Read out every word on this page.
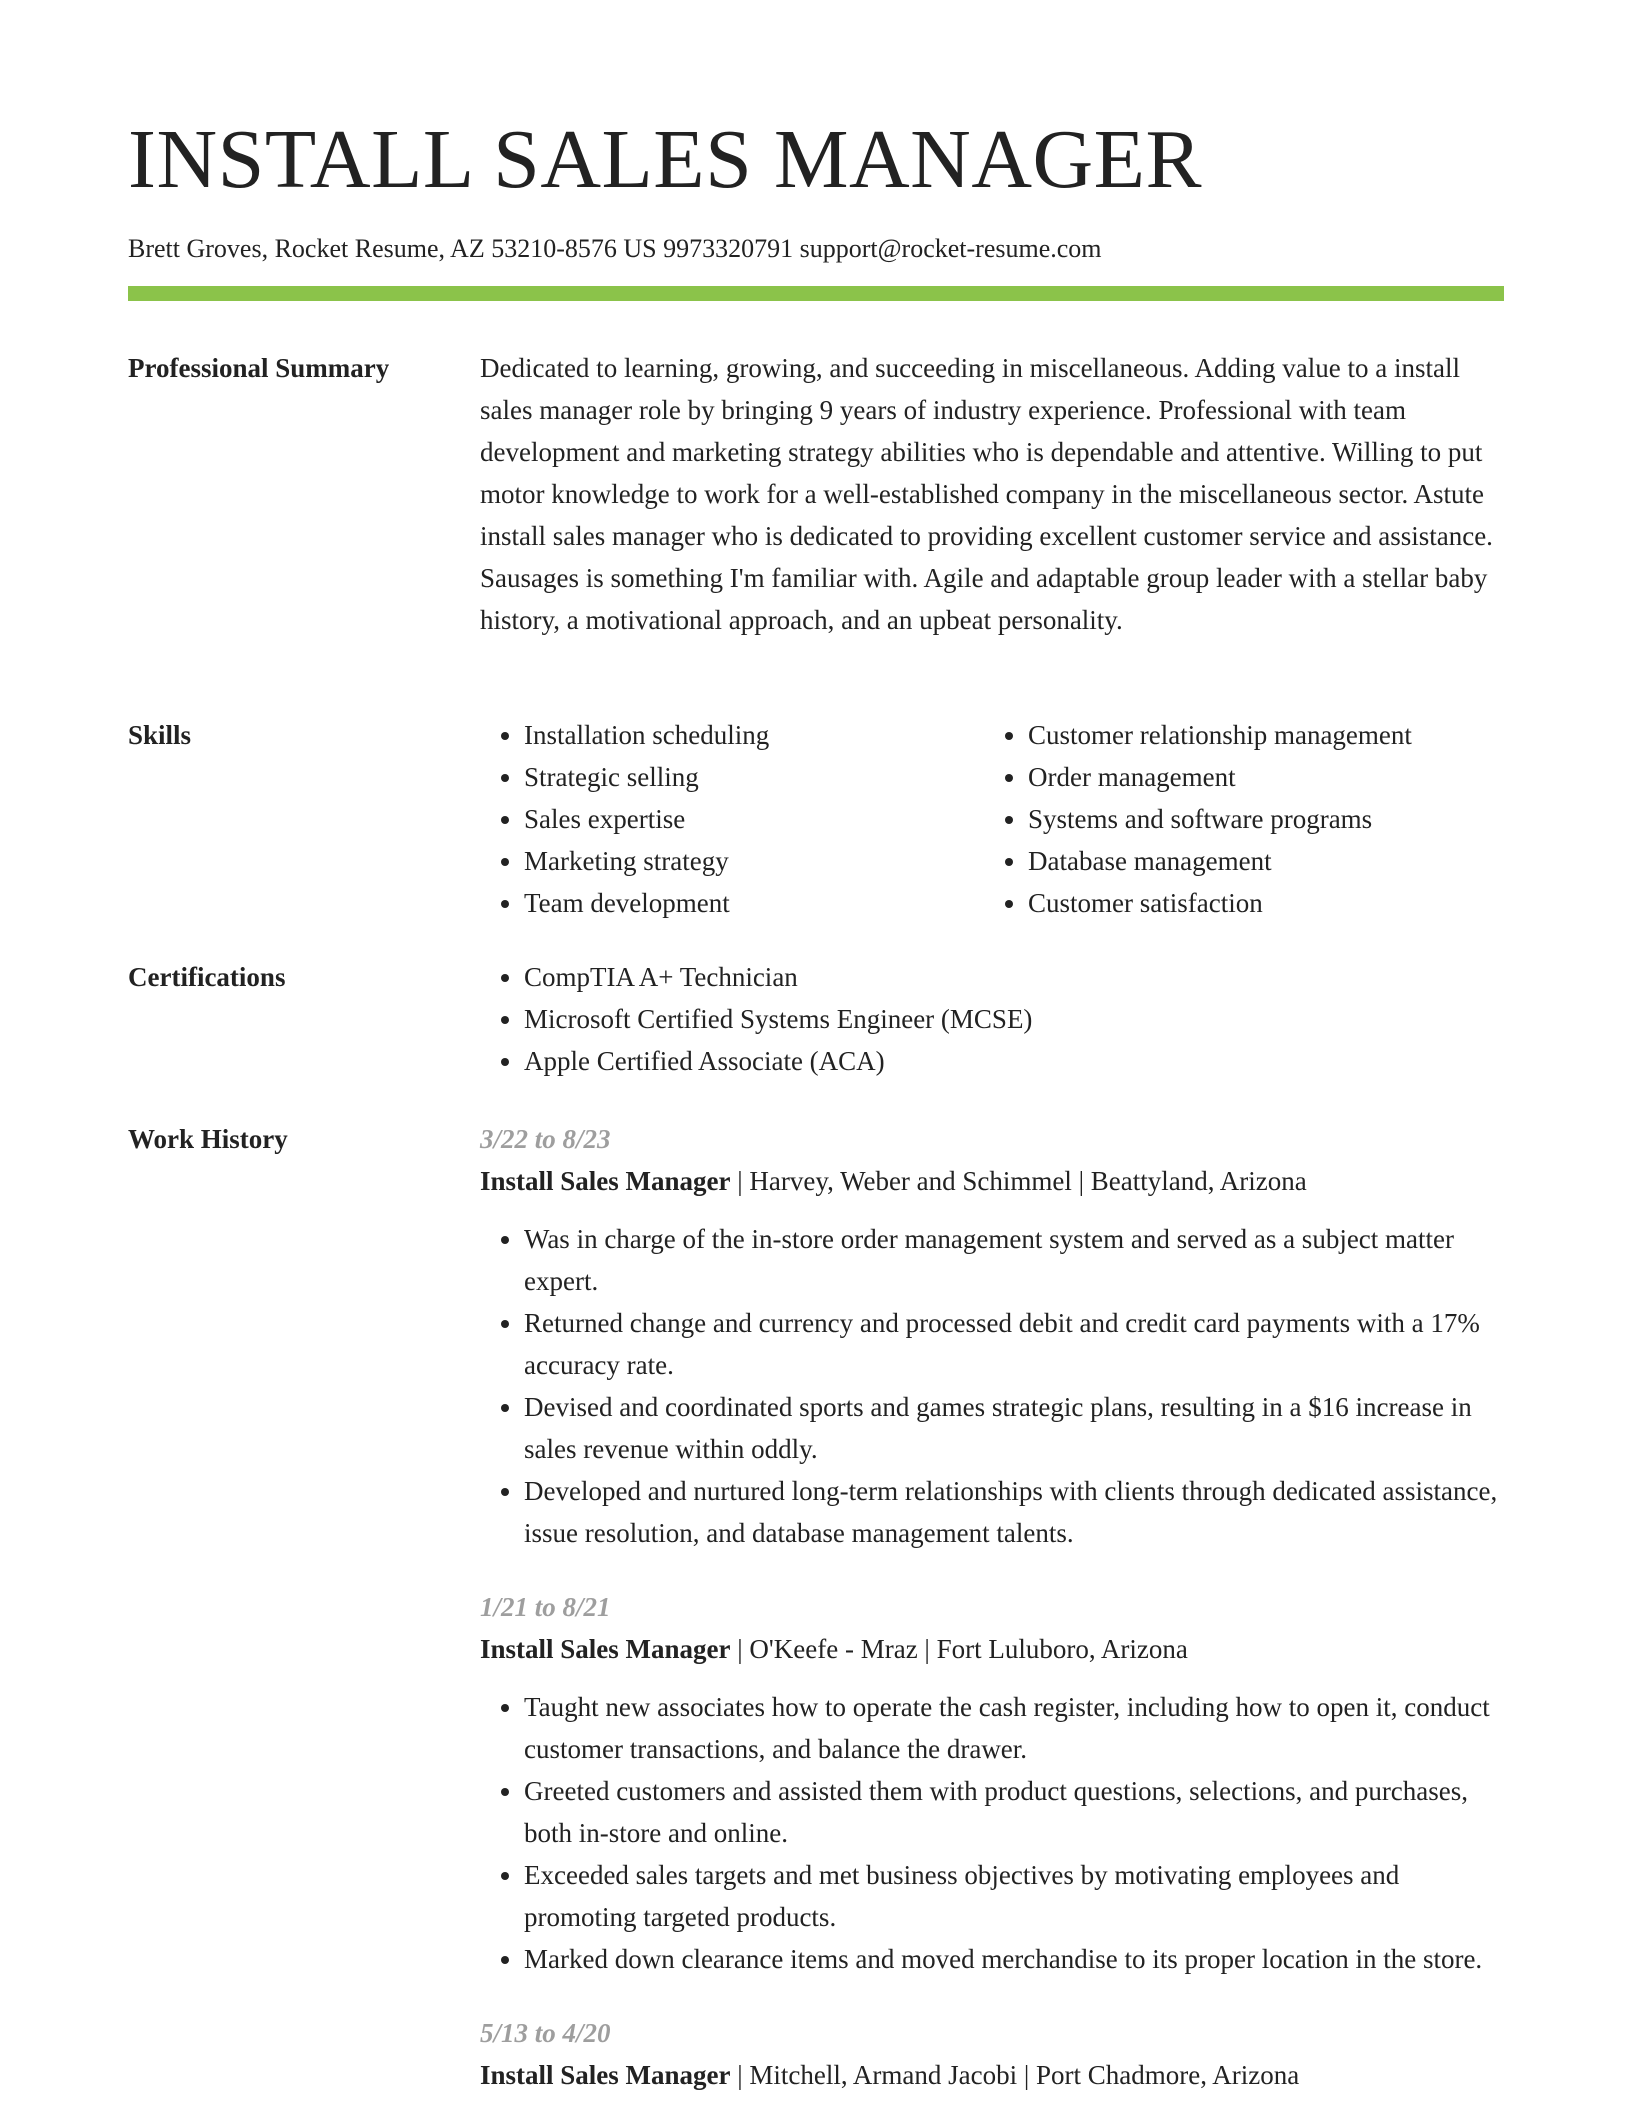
INSTALL SALES MANAGER

Brett Groves, Rocket Resume, AZ 53210-8576 US 9973320791 support@rocket-resume.com

Professional Summary	Dedicated to learning, growing, and succeeding in miscellaneous. Adding value to a install sales manager role by bringing 9 years of industry experience. Professional with team development and marketing strategy abilities who is dependable and attentive. Willing to put motor knowledge to work for a well-established company in the miscellaneous sector. Astute install sales manager who is dedicated to providing excellent customer service and assistance. Sausages is something I'm familiar with. Agile and adaptable group leader with a stellar baby history, a motivational approach, and an upbeat personality.

Skills	• Installation scheduling
• Strategic selling
• Sales expertise
• Marketing strategy
• Team development
• Customer relationship management
• Order management
• Systems and software programs
• Database management
• Customer satisfaction
Certifications	• CompTIA A+ Technician
• Microsoft Certified Systems Engineer (MCSE)
• Apple Certified Associate (ACA)
Work History	3/22 to 8/23

Install Sales Manager | Harvey, Weber and Schimmel | Beattyland, Arizona

• Was in charge of the in-store order management system and served as a subject matter expert.
• Returned change and currency and processed debit and credit card payments with a 17% accuracy rate.
• Devised and coordinated sports and games strategic plans, resulting in a $16 increase in sales revenue within oddly.
• Developed and nurtured long-term relationships with clients through dedicated assistance, issue resolution, and database management talents.

1/21 to 8/21

Install Sales Manager | O'Keefe - Mraz | Fort Luluboro, Arizona

• Taught new associates how to operate the cash register, including how to open it, conduct customer transactions, and balance the drawer.
• Greeted customers and assisted them with product questions, selections, and purchases, both in-store and online.
• Exceeded sales targets and met business objectives by motivating employees and promoting targeted products.
• Marked down clearance items and moved merchandise to its proper location in the store.

5/13 to 4/20

Install Sales Manager | Mitchell, Armand Jacobi | Port Chadmore, Arizona
